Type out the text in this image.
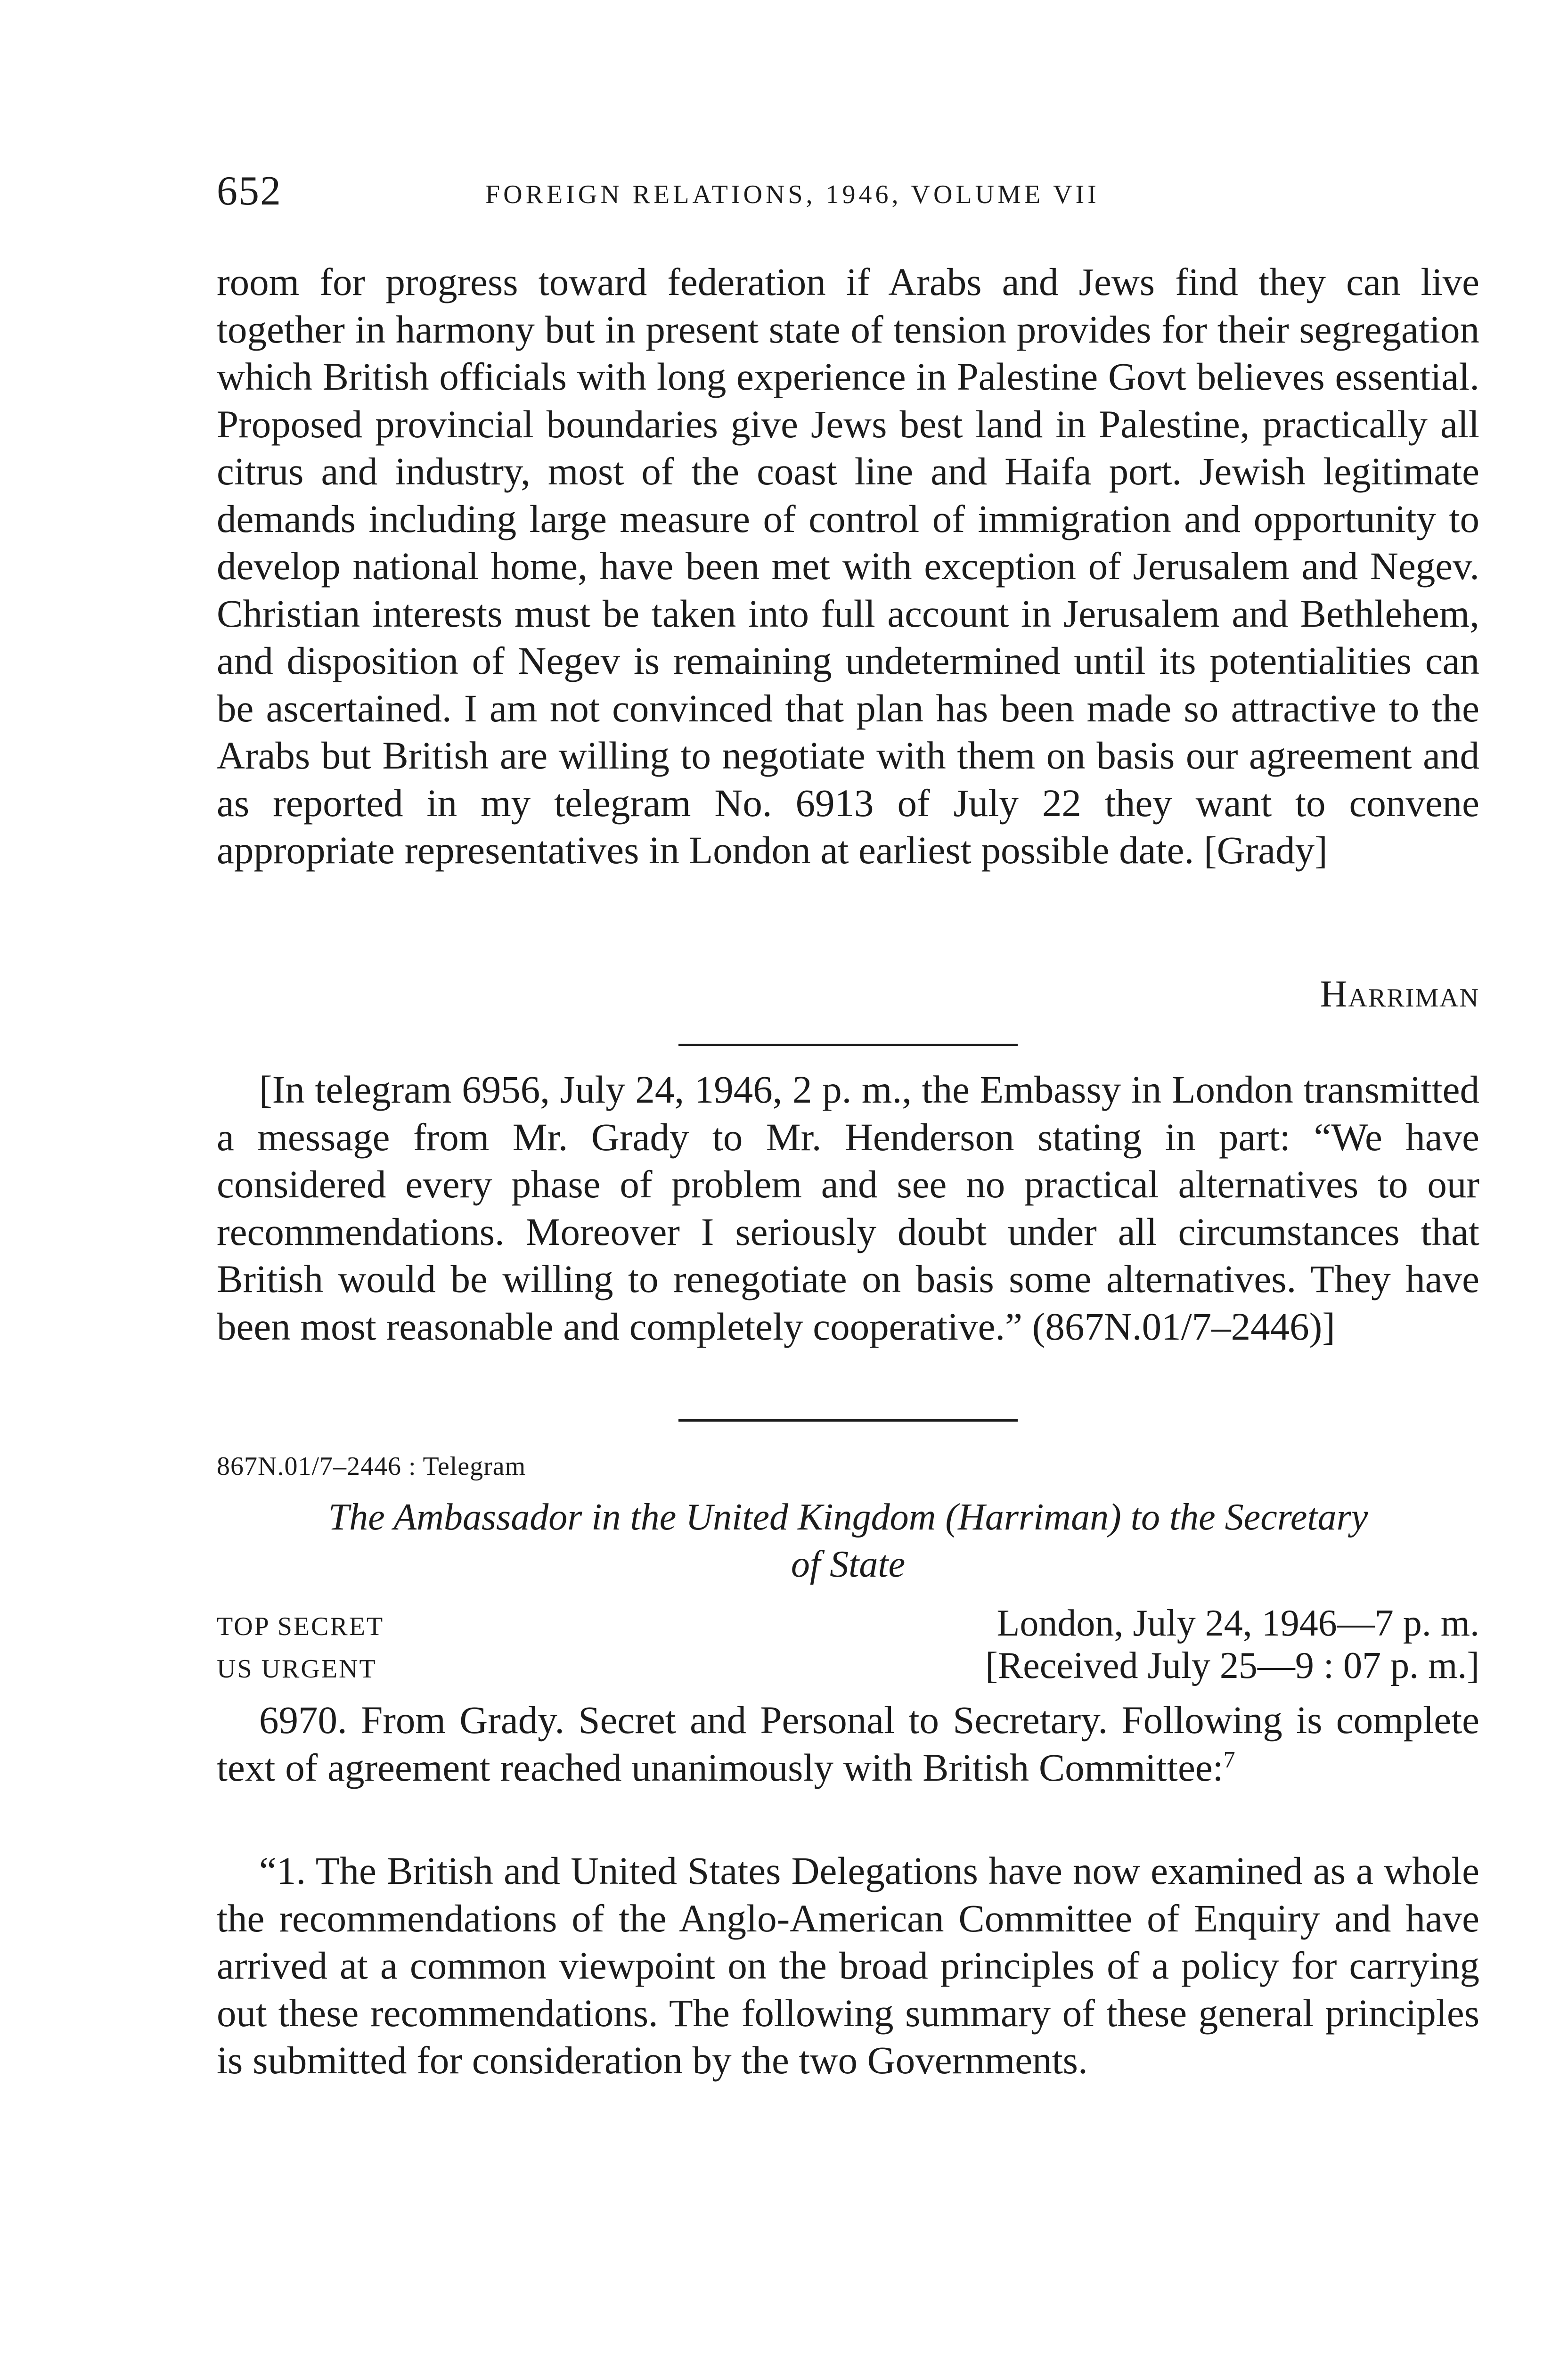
652	FOREIGN RELATIONS, 1946, VOLUME VII

room for progress toward federation if Arabs and Jews find they can live together in harmony but in present state of tension provides for their segregation which British officials with long experience in Palestine Govt believes essential. Proposed provincial boundaries give Jews best land in Palestine, practically all citrus and industry, most of the coast line and Haifa port. Jewish legitimate demands including large measure of control of immigration and opportunity to develop national home, have been met with exception of Jerusalem and Negev. Christian interests must be taken into full account in Jerusalem and Bethlehem, and disposition of Negev is remaining undetermined until its potentialities can be ascertained. I am not convinced that plan has been made so attractive to the Arabs but British are willing to negotiate with them on basis our agreement and as reported in my telegram No. 6913 of July 22 they want to convene appropriate representatives in London at earliest possible date. [Grady]

Harriman

[In telegram 6956, July 24, 1946, 2 p. m., the Embassy in London transmitted a message from Mr. Grady to Mr. Henderson stating in part: “We have considered every phase of problem and see no practical alternatives to our recommendations. Moreover I seriously doubt under all circumstances that British would be willing to renegotiate on basis some alternatives. They have been most reasonable and completely cooperative.” (867N.01/7–2446)]

867N.01/7–2446 : Telegram
The Ambassador in the United Kingdom (Harriman) to the Secretary
of State
TOP SECRET
US URGENT
London, July 24, 1946—7 p. m.
[Received July 25—9 : 07 p. m.]

6970. From Grady. Secret and Personal to Secretary. Following is complete text of agreement reached unanimously with British Committee:$^7$

“1. The British and United States Delegations have now examined as a whole the recommendations of the Anglo-American Committee of Enquiry and have arrived at a common viewpoint on the broad principles of a policy for carrying out these recommendations. The following summary of these general principles is submitted for consideration by the two Governments.
